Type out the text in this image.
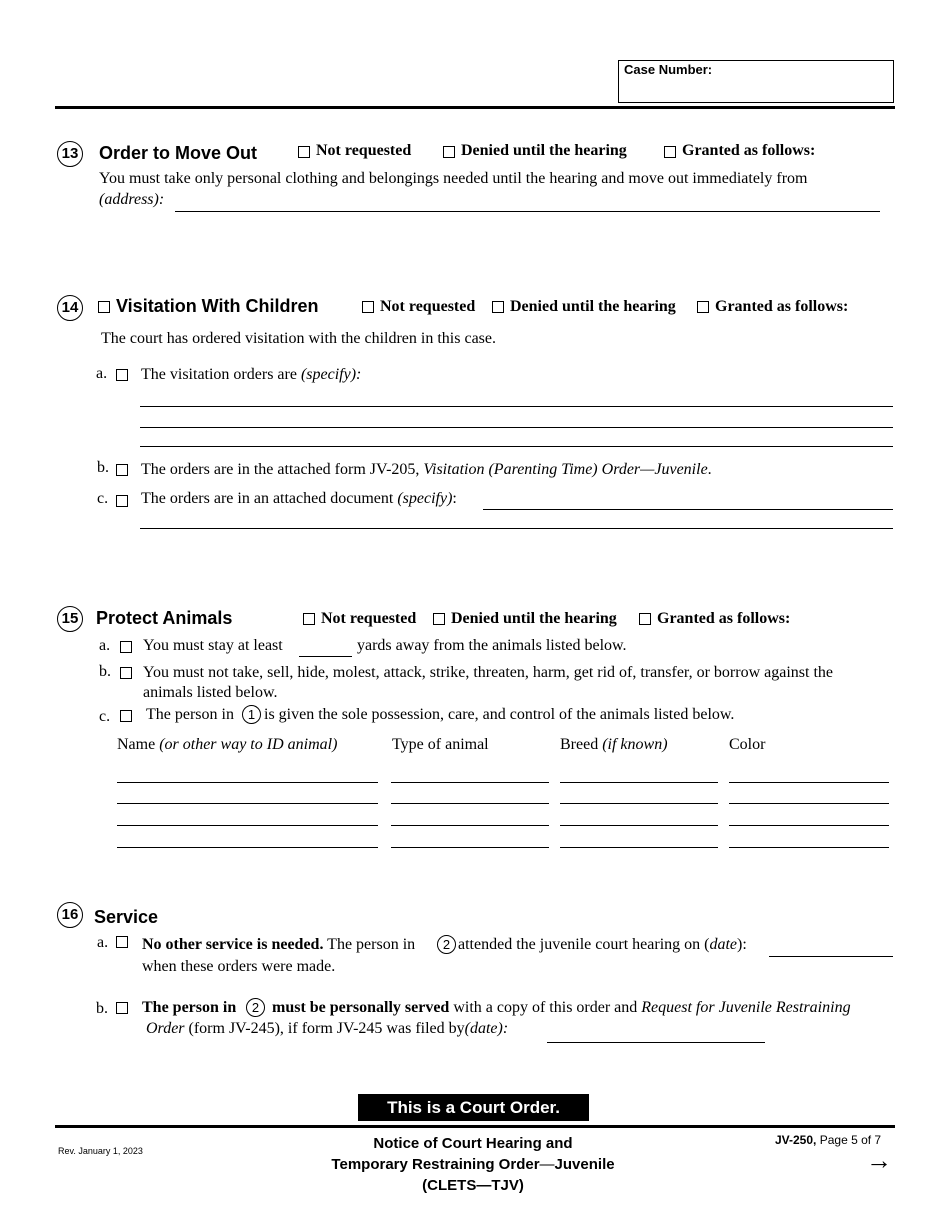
Case Number:
13 Order to Move Out	Not requested	Denied until the hearing	Granted as follows:
You must take only personal clothing and belongings needed until the hearing and move out immediately from
(address):
14 Visitation With Children	Not requested Denied until the hearing Granted as follows:
The court has ordered visitation with the children in this case.
a. The visitation orders are (specify):
b. The orders are in the attached form JV-205, Visitation (Parenting Time) Order—Juvenile.
c. The orders are in an attached document (specify):
15 Protect Animals	Not requested Denied until the hearing	Granted as follows:
a. You must stay at least	yards away from the animals listed below.
b. You must not take, sell, hide, molest, attack, strike, threaten, harm, get rid of, transfer, or borrow against the
animals listed below.
c. The person in	1 is given the sole possession, care, and control of the animals listed below.
Name (or other way to ID animal)	Type of animal	Breed (if known)	Color
16 Service
a. No other service is needed. The person in	2 attended the juvenile court hearing on (date):
when these orders were made.
b. The person in	2 must be personally served with a copy of this order and Request for Juvenile Restraining
Order (form JV-245), if form JV-245 was filed by(date):
This is a Court Order.
Rev. January 1, 2023	Notice of Court Hearing and
Temporary Restraining Order—Juvenile
(CLETS—TJV)
JV-250, Page 5 of 7
→
